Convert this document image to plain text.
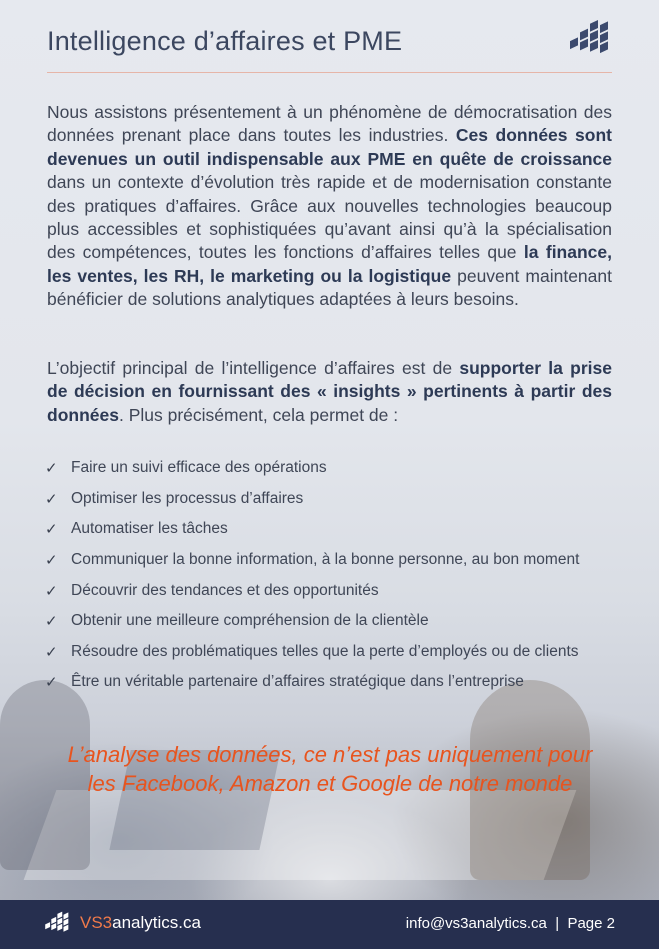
Intelligence d’affaires et PME

Nous assistons présentement à un phénomène de démocratisation des données prenant place dans toutes les industries. Ces données sont devenues un outil indispensable aux PME en quête de croissance dans un contexte d’évolution très rapide et de modernisation constante des pratiques d’affaires. Grâce aux nouvelles technologies beaucoup plus accessibles et sophistiquées qu’avant ainsi qu’à la spécialisation des compétences, toutes les fonctions d’affaires telles que la finance, les ventes, les RH, le marketing ou la logistique peuvent maintenant bénéficier de solutions analytiques adaptées à leurs besoins.

L’objectif principal de l’intelligence d’affaires est de supporter la prise de décision en fournissant des « insights » pertinents à partir des données. Plus précisément, cela permet de :

✓ Faire un suivi efficace des opérations
✓ Optimiser les processus d’affaires
✓ Automatiser les tâches
✓ Communiquer la bonne information, à la bonne personne, au bon moment
✓ Découvrir des tendances et des opportunités
✓ Obtenir une meilleure compréhension de la clientèle
✓ Résoudre des problématiques telles que la perte d’employés ou de clients
✓ Être un véritable partenaire d’affaires stratégique dans l’entreprise

L’analyse des données, ce n’est pas uniquement pour
les Facebook, Amazon et Google de notre monde

VS3analytics.ca	info@vs3analytics.ca  |  Page 2
